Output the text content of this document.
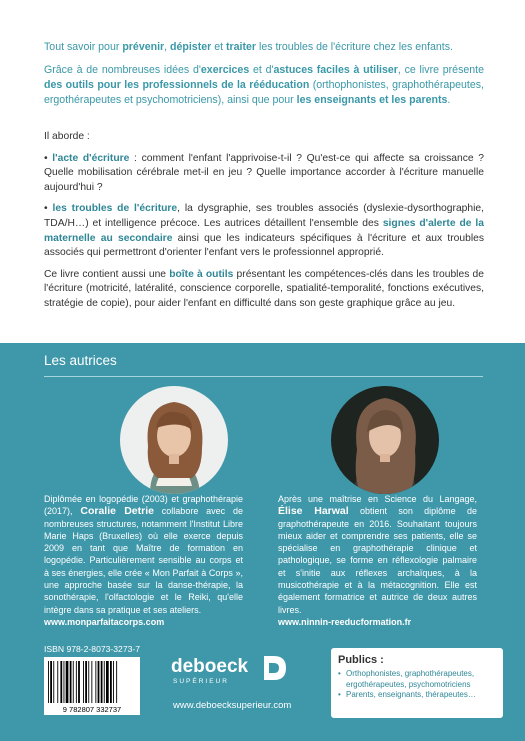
Tout savoir pour prévenir, dépister et traiter les troubles de l'écriture chez les enfants.

Grâce à de nombreuses idées d'exercices et d'astuces faciles à utiliser, ce livre présente des outils pour les professionnels de la rééducation (orthophonistes, graphothérapeutes, ergothérapeutes et psychomotriciens), ainsi que pour les enseignants et les parents.

Il aborde :

• l'acte d'écriture : comment l'enfant l'apprivoise-t-il ? Qu'est-ce qui affecte sa croissance ? Quelle mobilisation cérébrale met-il en jeu ? Quelle importance accorder à l'écriture manuelle aujourd'hui ?

• les troubles de l'écriture, la dysgraphie, ses troubles associés (dyslexie-dysorthographie, TDA/H…) et intelligence précoce. Les autrices détaillent l'ensemble des signes d'alerte de la maternelle au secondaire ainsi que les indicateurs spécifiques à l'écriture et aux troubles associés qui permettront d'orienter l'enfant vers le professionnel approprié.

Ce livre contient aussi une boîte à outils présentant les compétences-clés dans les troubles de l'écriture (motricité, latéralité, conscience corporelle, spatialité-temporalité, fonctions exécutives, stratégie de copie), pour aider l'enfant en difficulté dans son geste graphique grâce au jeu.

Les autrices
Diplômée en logopédie (2003) et graphothérapie (2017), Coralie Detrie collabore avec de nombreuses structures, notamment l'Institut Libre Marie Haps (Bruxelles) où elle exerce depuis 2009 en tant que Maître de formation en logopédie. Particulièrement sensible au corps et à ses énergies, elle crée « Mon Parfait à Corps », une approche basée sur la danse-thérapie, la sonothérapie, l'olfactologie et le Reiki, qu'elle intègre dans sa pratique et ses ateliers.
www.monparfaitacorps.com
Après une maîtrise en Science du Langage, Élise Harwal obtient son diplôme de graphothérapeute en 2016. Souhaitant toujours mieux aider et comprendre ses patients, elle se spécialise en graphothérapie clinique et pathologique, se forme en réflexologie palmaire et s'initie aux réflexes archaïques, à la musicothérapie et à la métacognition. Elle est également formatrice et autrice de deux autres livres.
www.ninnin-reeducformation.fr
ISBN 978-2-8073-3273-7
9 782807 332737
deboeck
SUPÉRIEUR
www.deboecksuperieur.com
Publics :
• Orthophonistes, graphothérapeutes, ergothérapeutes, psychomotriciens
• Parents, enseignants, thérapeutes…
